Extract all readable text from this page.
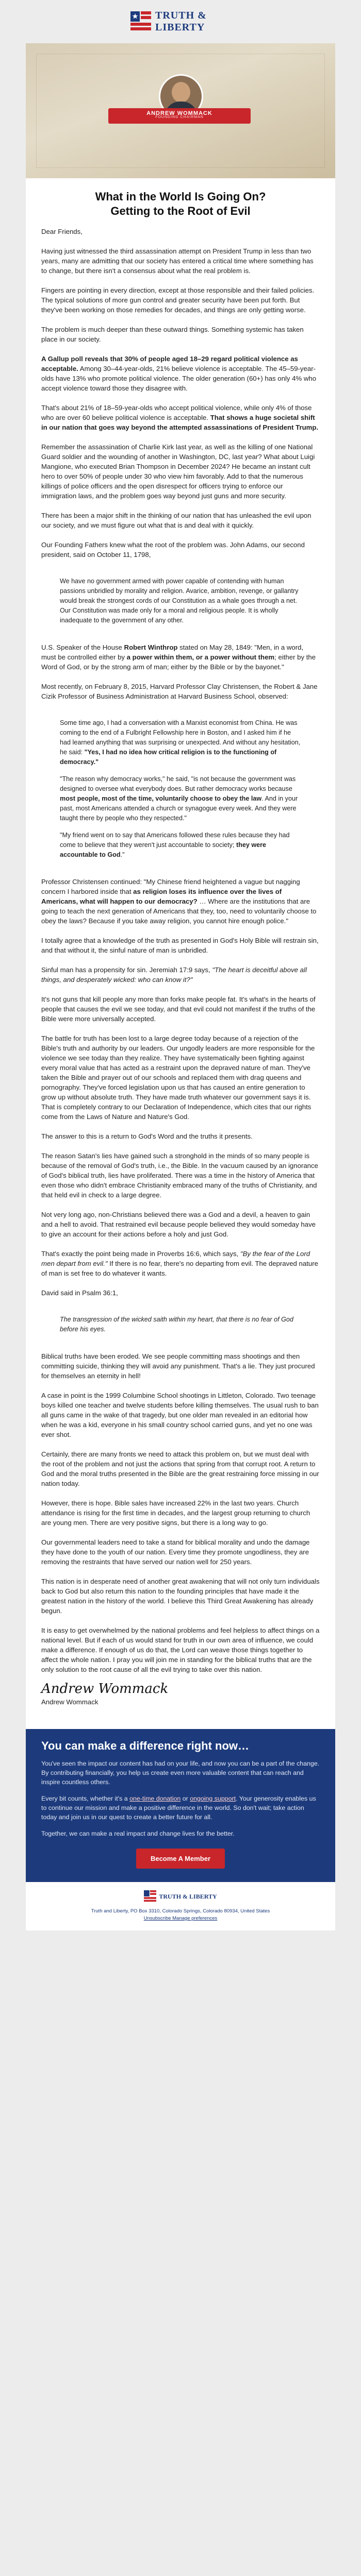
TRUTH & LIBERTY
ANDREW WOMMACK
FOUNDING CHAIRMAN
What in the World Is Going On?
Getting to the Root of Evil

Dear Friends,

Having just witnessed the third assassination attempt on President Trump in less than two years, many are admitting that our society has entered a critical time where something has to change, but there isn't a consensus about what the real problem is.

Fingers are pointing in every direction, except at those responsible and their failed policies. The typical solutions of more gun control and greater security have been put forth. But they've been working on those remedies for decades, and things are only getting worse.

The problem is much deeper than these outward things. Something systemic has taken place in our society.

A Gallup poll reveals that 30% of people aged 18–29 regard political violence as acceptable. Among 30–44-year-olds, 21% believe violence is acceptable. The 45–59-year-olds have 13% who promote political violence. The older generation (60+) has only 4% who accept violence toward those they disagree with.

That's about 21% of 18–59-year-olds who accept political violence, while only 4% of those who are over 60 believe political violence is acceptable. That shows a huge societal shift in our nation that goes way beyond the attempted assassinations of President Trump.

Remember the assassination of Charlie Kirk last year, as well as the killing of one National Guard soldier and the wounding of another in Washington, DC, last year? What about Luigi Mangione, who executed Brian Thompson in December 2024? He became an instant cult hero to over 50% of people under 30 who view him favorably. Add to that the numerous killings of police officers and the open disrespect for officers trying to enforce our immigration laws, and the problem goes way beyond just guns and more security.

There has been a major shift in the thinking of our nation that has unleashed the evil upon our society, and we must figure out what that is and deal with it quickly.

Our Founding Fathers knew what the root of the problem was. John Adams, our second president, said on October 11, 1798,

We have no government armed with power capable of contending with human passions unbridled by morality and religion. Avarice, ambition, revenge, or gallantry would break the strongest cords of our Constitution as a whale goes through a net. Our Constitution was made only for a moral and religious people. It is wholly inadequate to the government of any other.

U.S. Speaker of the House Robert Winthrop stated on May 28, 1849: "Men, in a word, must be controlled either by a power within them, or a power without them; either by the Word of God, or by the strong arm of man; either by the Bible or by the bayonet."

Most recently, on February 8, 2015, Harvard Professor Clay Christensen, the Robert & Jane Cizik Professor of Business Administration at Harvard Business School, observed:

Some time ago, I had a conversation with a Marxist economist from China. He was coming to the end of a Fulbright Fellowship here in Boston, and I asked him if he had learned anything that was surprising or unexpected. And without any hesitation, he said: "Yes, I had no idea how critical religion is to the functioning of democracy."

"The reason why democracy works," he said, "is not because the government was designed to oversee what everybody does. But rather democracy works because most people, most of the time, voluntarily choose to obey the law. And in your past, most Americans attended a church or synagogue every week. And they were taught there by people who they respected."

"My friend went on to say that Americans followed these rules because they had come to believe that they weren't just accountable to society; they were accountable to God."

Professor Christensen continued: "My Chinese friend heightened a vague but nagging concern I harbored inside that as religion loses its influence over the lives of Americans, what will happen to our democracy? … Where are the institutions that are going to teach the next generation of Americans that they, too, need to voluntarily choose to obey the laws? Because if you take away religion, you cannot hire enough police."

I totally agree that a knowledge of the truth as presented in God's Holy Bible will restrain sin, and that without it, the sinful nature of man is unbridled.

Sinful man has a propensity for sin. Jeremiah 17:9 says, "The heart is deceitful above all things, and desperately wicked: who can know it?"

It's not guns that kill people any more than forks make people fat. It's what's in the hearts of people that causes the evil we see today, and that evil could not manifest if the truths of the Bible were more universally accepted.

The battle for truth has been lost to a large degree today because of a rejection of the Bible's truth and authority by our leaders. Our ungodly leaders are more responsible for the violence we see today than they realize. They have systematically been fighting against every moral value that has acted as a restraint upon the depraved nature of man. They've taken the Bible and prayer out of our schools and replaced them with drag queens and pornography. They've forced legislation upon us that has caused an entire generation to grow up without absolute truth. They have made truth whatever our government says it is. That is completely contrary to our Declaration of Independence, which cites that our rights come from the Laws of Nature and Nature's God.

The answer to this is a return to God's Word and the truths it presents.

The reason Satan's lies have gained such a stronghold in the minds of so many people is because of the removal of God's truth, i.e., the Bible. In the vacuum caused by an ignorance of God's biblical truth, lies have proliferated. There was a time in the history of America that even those who didn't embrace Christianity embraced many of the truths of Christianity, and that held evil in check to a large degree.

Not very long ago, non-Christians believed there was a God and a devil, a heaven to gain and a hell to avoid. That restrained evil because people believed they would someday have to give an account for their actions before a holy and just God.

That's exactly the point being made in Proverbs 16:6, which says, "By the fear of the Lord men depart from evil." If there is no fear, there's no departing from evil. The depraved nature of man is set free to do whatever it wants.

David said in Psalm 36:1,

The transgression of the wicked saith within my heart, that there is no fear of God before his eyes.

Biblical truths have been eroded. We see people committing mass shootings and then committing suicide, thinking they will avoid any punishment. That's a lie. They just procured for themselves an eternity in hell!

A case in point is the 1999 Columbine School shootings in Littleton, Colorado. Two teenage boys killed one teacher and twelve students before killing themselves. The usual rush to ban all guns came in the wake of that tragedy, but one older man revealed in an editorial how when he was a kid, everyone in his small country school carried guns, and yet no one was ever shot.

Certainly, there are many fronts we need to attack this problem on, but we must deal with the root of the problem and not just the actions that spring from that corrupt root. A return to God and the moral truths presented in the Bible are the great restraining force missing in our nation today.

However, there is hope. Bible sales have increased 22% in the last two years. Church attendance is rising for the first time in decades, and the largest group returning to church are young men. There are very positive signs, but there is a long way to go.

Our governmental leaders need to take a stand for biblical morality and undo the damage they have done to the youth of our nation. Every time they promote ungodliness, they are removing the restraints that have served our nation well for 250 years.

This nation is in desperate need of another great awakening that will not only turn individuals back to God but also return this nation to the founding principles that have made it the greatest nation in the history of the world. I believe this Third Great Awakening has already begun.

It is easy to get overwhelmed by the national problems and feel helpless to affect things on a national level. But if each of us would stand for truth in our own area of influence, we could make a difference. If enough of us do that, the Lord can weave those things together to affect the whole nation. I pray you will join me in standing for the biblical truths that are the only solution to the root cause of all the evil trying to take over this nation.

Andrew Wommack

Andrew Wommack

You can make a difference right now…

You've seen the impact our content has had on your life, and now you can be a part of the change. By contributing financially, you help us create even more valuable content that can reach and inspire countless others.

Every bit counts, whether it's a one-time donation or ongoing support. Your generosity enables us to continue our mission and make a positive difference in the world. So don't wait; take action today and join us in our quest to create a better future for all.

Together, we can make a real impact and change lives for the better.

Become A Member
TRUTH & LIBERTY
Truth and Liberty, PO Box 3310, Colorado Springs, Colorado 80934, United States
Unsubscribe Manage preferences
